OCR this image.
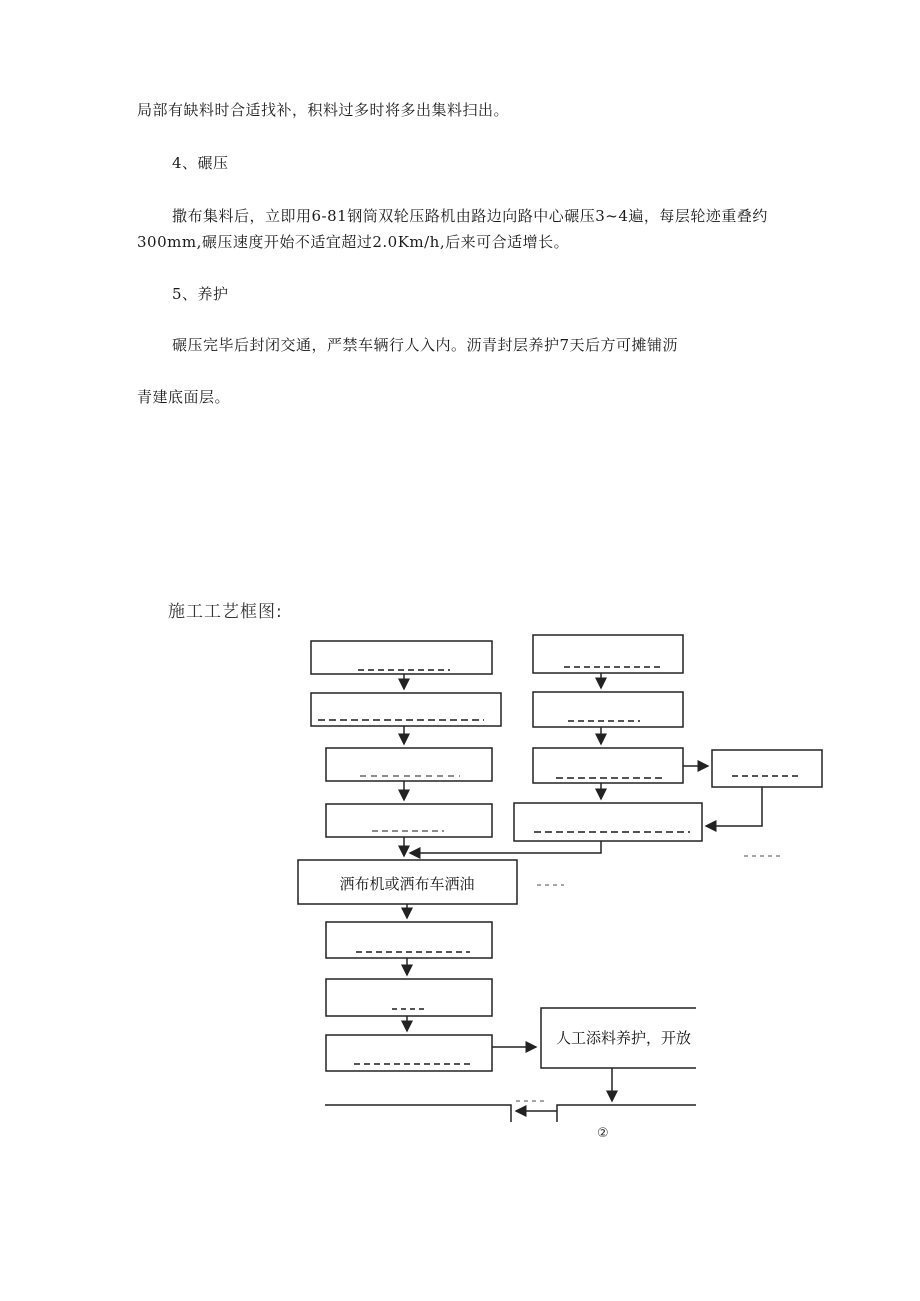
局部有缺料时合适找补，积料过多时将多出集料扫出。
4、碾压
撒布集料后，立即用6-81钢筒双轮压路机由路边向路中心碾压3~4遍，每层轮迹重叠约
300mm,碾压速度开始不适宜超过2.0Km/h,后来可合适增长。
5、养护
碾压完毕后封闭交通，严禁车辆行人入内。沥青封层养护7天后方可摊铺沥
青建底面层。
施工工艺框图:
洒布机或洒布车洒油
人工添料养护，开放
②
